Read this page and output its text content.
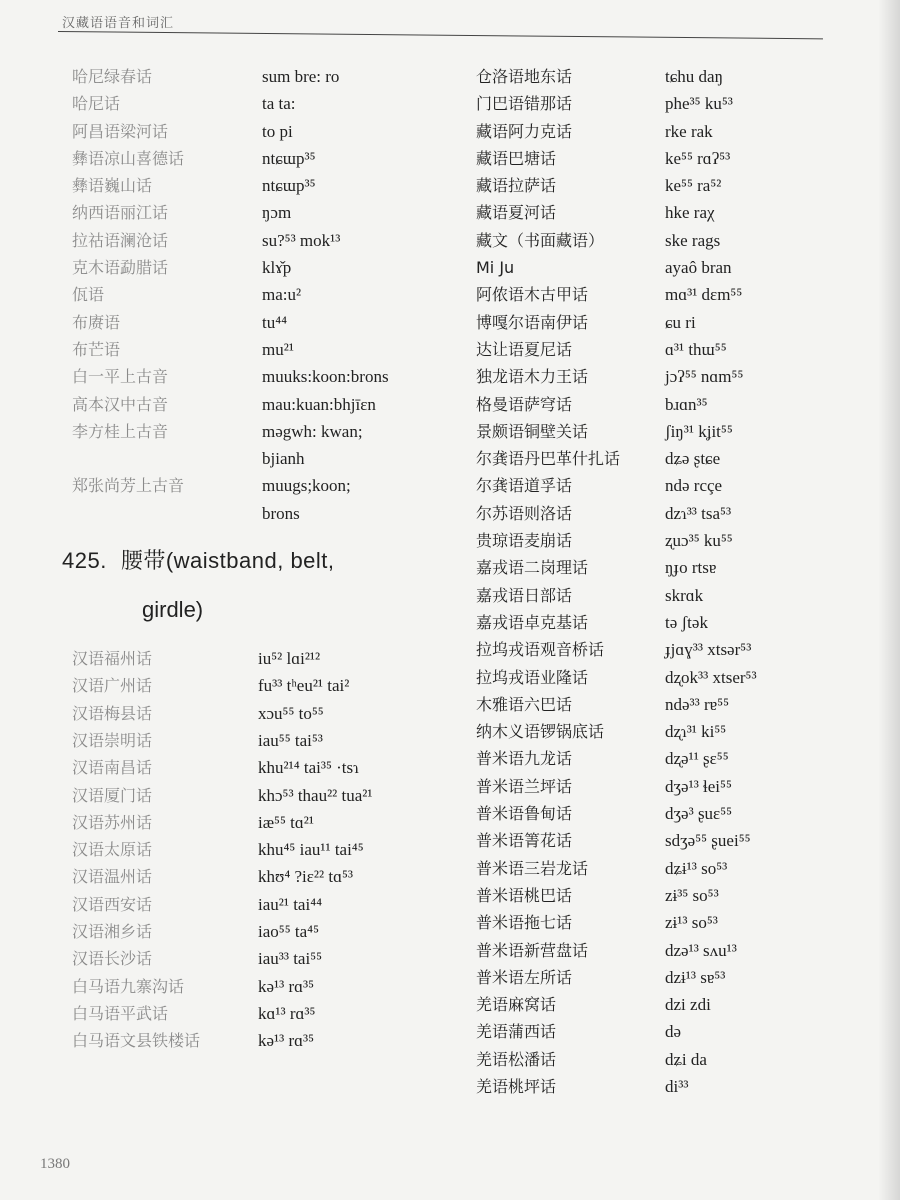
汉藏语语音和词汇
哈尼绿春话	sum bre: ro
哈尼话	ta ta:
阿昌语梁河话	to pi
彝语凉山喜德话	ntɕɯp³⁵
彝语巍山话	ntɕɯp³⁵
纳西语丽江话	ŋɔm
拉祜语澜沧话	su?⁵³ mok¹³
克木语勐腊话	klɤ̌p
佤语	ma:u²
布赓语	tu⁴⁴
布芒语	mu²¹
白一平上古音	muuks:koon:brons
高本汉中古音	mau:kuan:bhjīɛn
李方桂上古音	məgwh: kwan;
bjianh
郑张尚芳上古音	muugs;koon;
brons
425. 腰带(waistband, belt,
girdle)
汉语福州话	iu⁵² lɑi²¹²
汉语广州话	fu³³ tʰeu²¹ tai²
汉语梅县话	xɔu⁵⁵ to⁵⁵
汉语崇明话	iau⁵⁵ tai⁵³
汉语南昌话	khu²¹⁴ tai³⁵ ·tsɿ
汉语厦门话	khɔ⁵³ thau²² tua²¹
汉语苏州话	iæ⁵⁵ tɑ²¹
汉语太原话	khu⁴⁵ iau¹¹ tai⁴⁵
汉语温州话	khʊ⁴ ?iɛ²² tɑ⁵³
汉语西安话	iau²¹ tai⁴⁴
汉语湘乡话	iao⁵⁵ ta⁴⁵
汉语长沙话	iau³³ tai⁵⁵
白马语九寨沟话	kə¹³ rɑ³⁵
白马语平武话	kɑ¹³ rɑ³⁵
白马语文县铁楼话	kə¹³ rɑ³⁵
仓洛语地东话	tɕhu daŋ
门巴语错那话	phe³⁵ ku⁵³
藏语阿力克话	rke rak
藏语巴塘话	ke⁵⁵ rɑʔ⁵³
藏语拉萨话	ke⁵⁵ ra⁵²
藏语夏河话	hke raχ
藏文（书面藏语）	ske rags
Mi Ju	ayaô bran
阿侬语木古甲话	mɑ³¹ dɛm⁵⁵
博嘎尔语南伊话	ɕu ri
达让语夏尼话	ɑ³¹ thɯ⁵⁵
独龙语木力王话	jɔʔ⁵⁵ nɑm⁵⁵
格曼语萨穹话	bɹɑn³⁵
景颇语铜壁关话	ʃiŋ³¹ kʝit⁵⁵
尔龚语丹巴革什扎话	dʑə ʂtɕe
尔龚语道孚话	ndə rcçe
尔苏语则洛话	dzɿ³³ tsa⁵³
贵琼语麦崩话	ʐuɔ³⁵ ku⁵⁵
嘉戎语二岗理话	ŋɟo rtsɐ
嘉戎语日部话	skrɑk
嘉戎语卓克基话	tə ʃtək
拉坞戎语观音桥话	ɟjɑɣ³³ xtsər⁵³
拉坞戎语业隆话	dʐok³³ xtser⁵³
木雅语六巴话	ndə³³ rɐ⁵⁵
纳木义语锣锅底话	dʐɿ³¹ ki⁵⁵
普米语九龙话	dʐə¹¹ ʂɛ⁵⁵
普米语兰坪话	dʒə¹³ ɬei⁵⁵
普米语鲁甸话	dʒə³ ʂuɛ⁵⁵
普米语箐花话	sdʒə⁵⁵ ʂuei⁵⁵
普米语三岩龙话	dʑɨ¹³ so⁵³
普米语桃巴话	zɨ³⁵ so⁵³
普米语拖七话	zɨ¹³ so⁵³
普米语新营盘话	dzə¹³ sʌu¹³
普米语左所话	dzɨ¹³ sɐ⁵³
羌语麻窝话	dzi zdi
羌语蒲西话	də
羌语松潘话	dʑi da
羌语桃坪话	di³³
1380
